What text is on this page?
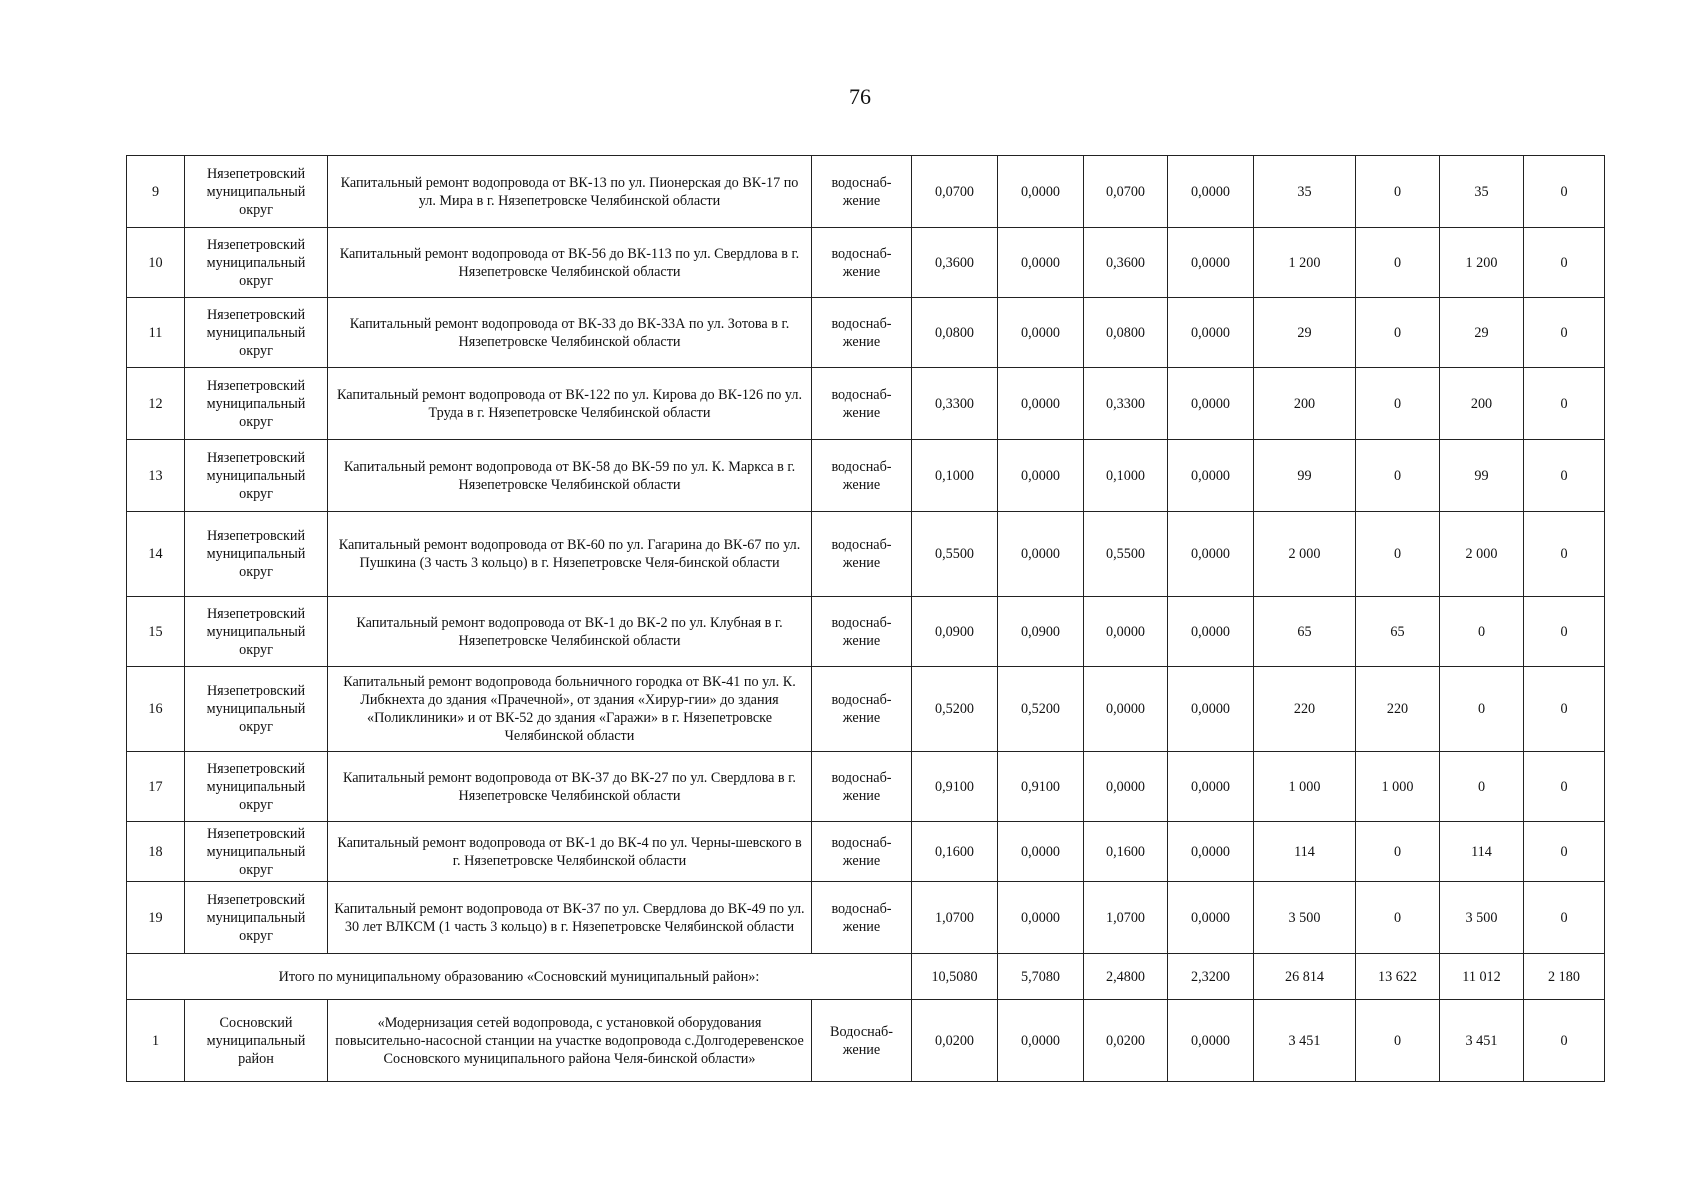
76
9	Нязепетровский муниципальный округ	Капитальный ремонт водопровода от ВК-13 по ул. Пионерская до ВК-17 по ул. Мира в г. Нязепетровске Челябинской области	водоснаб-жение	0,0700	0,0000	0,0700	0,0000	35	0	35	0
10	Нязепетровский муниципальный округ	Капитальный ремонт водопровода от ВК-56 до ВК-113 по ул. Свердлова в г. Нязепетровске Челябинской области	водоснаб-жение	0,3600	0,0000	0,3600	0,0000	1 200	0	1 200	0
11	Нязепетровский муниципальный округ	Капитальный ремонт водопровода от ВК-33 до ВК-33А по ул. Зотова в г. Нязепетровске Челябинской области	водоснаб-жение	0,0800	0,0000	0,0800	0,0000	29	0	29	0
12	Нязепетровский муниципальный округ	Капитальный ремонт водопровода от ВК-122 по ул. Кирова до ВК-126 по ул. Труда в г. Нязепетровске Челябинской области	водоснаб-жение	0,3300	0,0000	0,3300	0,0000	200	0	200	0
13	Нязепетровский муниципальный округ	Капитальный ремонт водопровода от ВК-58 до ВК-59 по ул. К. Маркса в г. Нязепетровске Челябинской области	водоснаб-жение	0,1000	0,0000	0,1000	0,0000	99	0	99	0
14	Нязепетровский муниципальный округ	Капитальный ремонт водопровода от ВК-60 по ул. Гагарина до ВК-67 по ул. Пушкина (3 часть 3 кольцо) в г. Нязепетровске Челя-бинской области	водоснаб-жение	0,5500	0,0000	0,5500	0,0000	2 000	0	2 000	0
15	Нязепетровский муниципальный округ	Капитальный ремонт водопровода от ВК-1 до ВК-2 по ул. Клубная в г. Нязепетровске Челябинской области	водоснаб-жение	0,0900	0,0900	0,0000	0,0000	65	65	0	0
16	Нязепетровский муниципальный округ	Капитальный ремонт водопровода больничного городка от ВК-41 по ул. К. Либкнехта до здания «Прачечной», от здания «Хирур-гии» до здания «Поликлиники» и от ВК-52 до здания «Гаражи» в г. Нязепетровске Челябинской области	водоснаб-жение	0,5200	0,5200	0,0000	0,0000	220	220	0	0
17	Нязепетровский муниципальный округ	Капитальный ремонт водопровода от ВК-37 до ВК-27 по ул. Свердлова в г. Нязепетровске Челябинской области	водоснаб-жение	0,9100	0,9100	0,0000	0,0000	1 000	1 000	0	0
18	Нязепетровский муниципальный округ	Капитальный ремонт водопровода от ВК-1 до ВК-4 по ул. Черны-шевского в г. Нязепетровске Челябинской области	водоснаб-жение	0,1600	0,0000	0,1600	0,0000	114	0	114	0
19	Нязепетровский муниципальный округ	Капитальный ремонт водопровода от ВК-37 по ул. Свердлова до ВК-49 по ул. 30 лет ВЛКСМ (1 часть 3 кольцо) в г. Нязепетровске Челябинской области	водоснаб-жение	1,0700	0,0000	1,0700	0,0000	3 500	0	3 500	0
Итого по муниципальному образованию «Сосновский муниципальный район»:				10,5080	5,7080	2,4800	2,3200	26 814	13 622	11 012	2 180
1	Сосновский муниципальный район	«Модернизация сетей водопровода, с установкой оборудования повысительно-насосной станции на участке водопровода с.Долгодеревенское Сосновского муниципального района Челя-бинской области»	Водоснаб-жение	0,0200	0,0000	0,0200	0,0000	3 451	0	3 451	0
